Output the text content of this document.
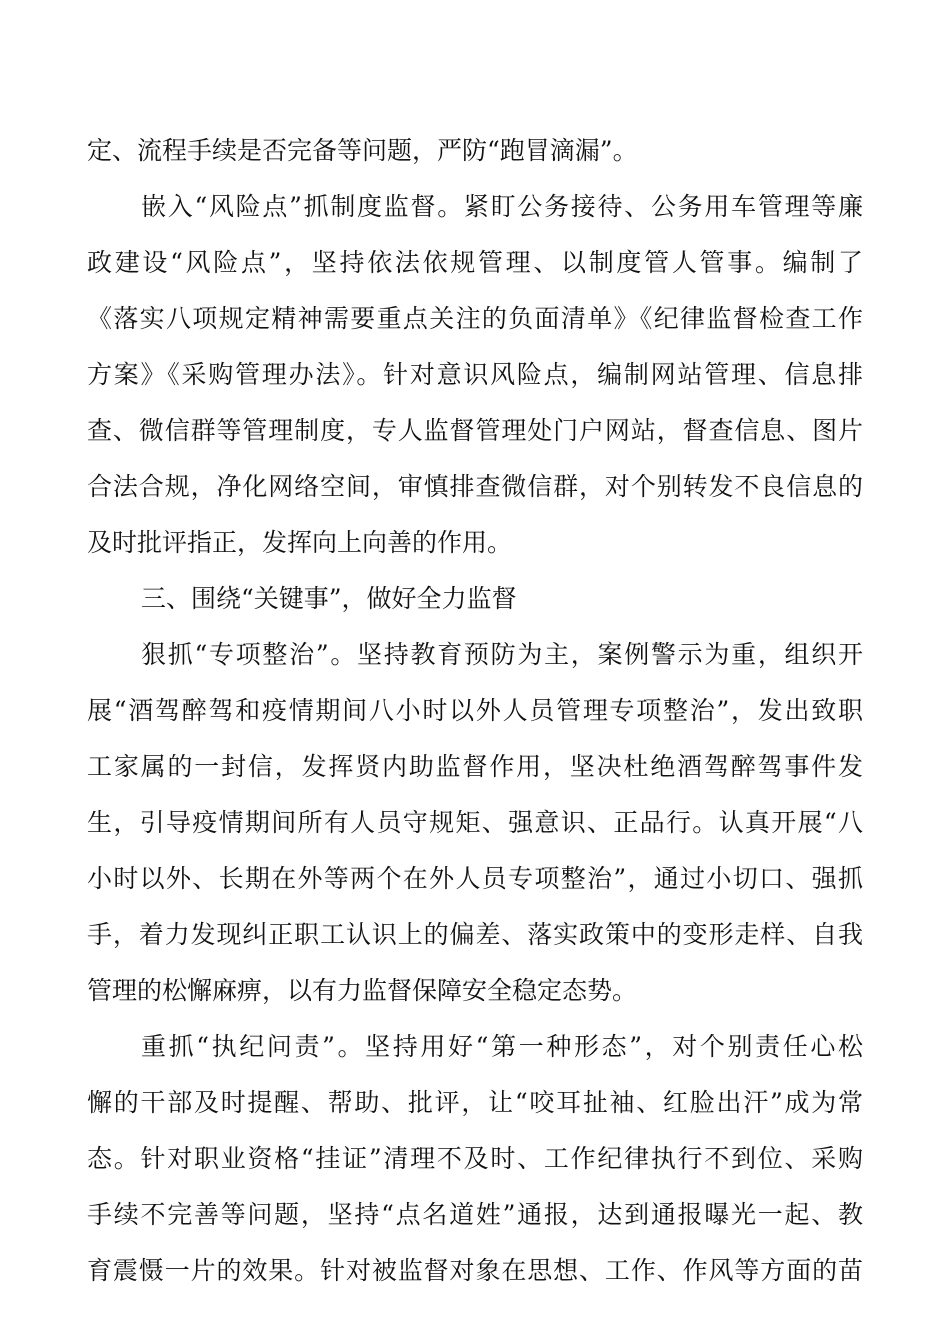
定、流程手续是否完备等问题，严防“跑冒滴漏”。
嵌入“风险点”抓制度监督。紧盯公务接待、公务用车管理等廉
政建设“风险点”，坚持依法依规管理、以制度管人管事。编制了
《落实八项规定精神需要重点关注的负面清单》《纪律监督检查工作
方案》《采购管理办法》。针对意识风险点，编制网站管理、信息排
查、微信群等管理制度，专人监督管理处门户网站，督查信息、图片
合法合规，净化网络空间，审慎排查微信群，对个别转发不良信息的
及时批评指正，发挥向上向善的作用。
三、围绕“关键事”，做好全力监督
狠抓“专项整治”。坚持教育预防为主，案例警示为重，组织开
展“酒驾醉驾和疫情期间八小时以外人员管理专项整治”，发出致职
工家属的一封信，发挥贤内助监督作用，坚决杜绝酒驾醉驾事件发
生，引导疫情期间所有人员守规矩、强意识、正品行。认真开展“八
小时以外、长期在外等两个在外人员专项整治”，通过小切口、强抓
手，着力发现纠正职工认识上的偏差、落实政策中的变形走样、自我
管理的松懈麻痹，以有力监督保障安全稳定态势。
重抓“执纪问责”。坚持用好“第一种形态”，对个别责任心松
懈的干部及时提醒、帮助、批评，让“咬耳扯袖、红脸出汗”成为常
态。针对职业资格“挂证”清理不及时、工作纪律执行不到位、采购
手续不完善等问题，坚持“点名道姓”通报，达到通报曝光一起、教
育震慑一片的效果。针对被监督对象在思想、工作、作风等方面的苗
